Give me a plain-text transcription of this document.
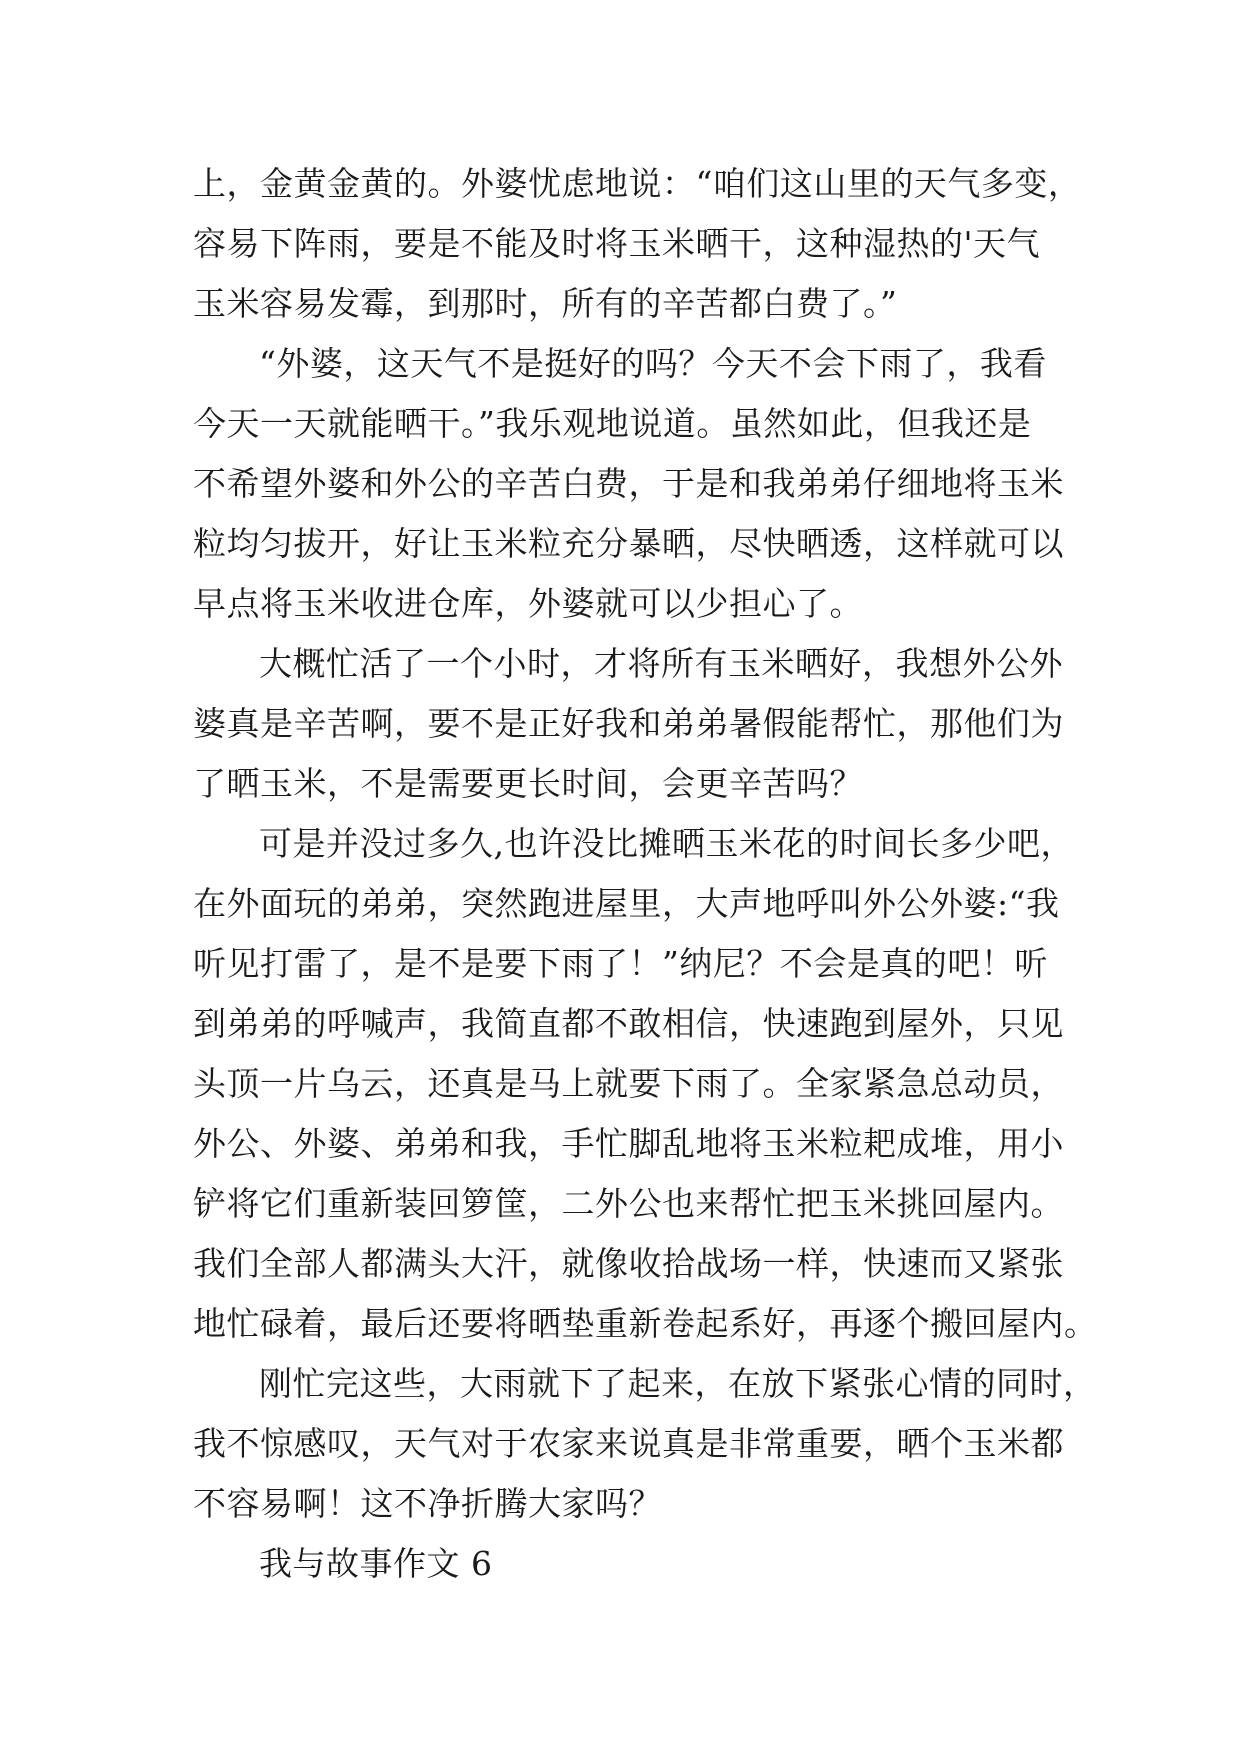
上，金黄金黄的。外婆忧虑地说：“咱们这山里的天气多变，
容易下阵雨，要是不能及时将玉米晒干，这种湿热的'天气
玉米容易发霉，到那时，所有的辛苦都白费了。”
“外婆，这天气不是挺好的吗？今天不会下雨了，我看
今天一天就能晒干。”我乐观地说道。虽然如此，但我还是
不希望外婆和外公的辛苦白费，于是和我弟弟仔细地将玉米
粒均匀拔开，好让玉米粒充分暴晒，尽快晒透，这样就可以
早点将玉米收进仓库，外婆就可以少担心了。
大概忙活了一个小时，才将所有玉米晒好，我想外公外
婆真是辛苦啊，要不是正好我和弟弟暑假能帮忙，那他们为
了晒玉米，不是需要更长时间，会更辛苦吗？
可是并没过多久,也许没比摊晒玉米花的时间长多少吧，
在外面玩的弟弟，突然跑进屋里，大声地呼叫外公外婆:“我
听见打雷了，是不是要下雨了！”纳尼？不会是真的吧！听
到弟弟的呼喊声，我简直都不敢相信，快速跑到屋外，只见
头顶一片乌云，还真是马上就要下雨了。全家紧急总动员，
外公、外婆、弟弟和我，手忙脚乱地将玉米粒耙成堆，用小
铲将它们重新装回箩筐，二外公也来帮忙把玉米挑回屋内。
我们全部人都满头大汗，就像收拾战场一样，快速而又紧张
地忙碌着，最后还要将晒垫重新卷起系好，再逐个搬回屋内。
刚忙完这些，大雨就下了起来，在放下紧张心情的同时，
我不惊感叹，天气对于农家来说真是非常重要，晒个玉米都
不容易啊！这不净折腾大家吗？
我与故事作文 6
